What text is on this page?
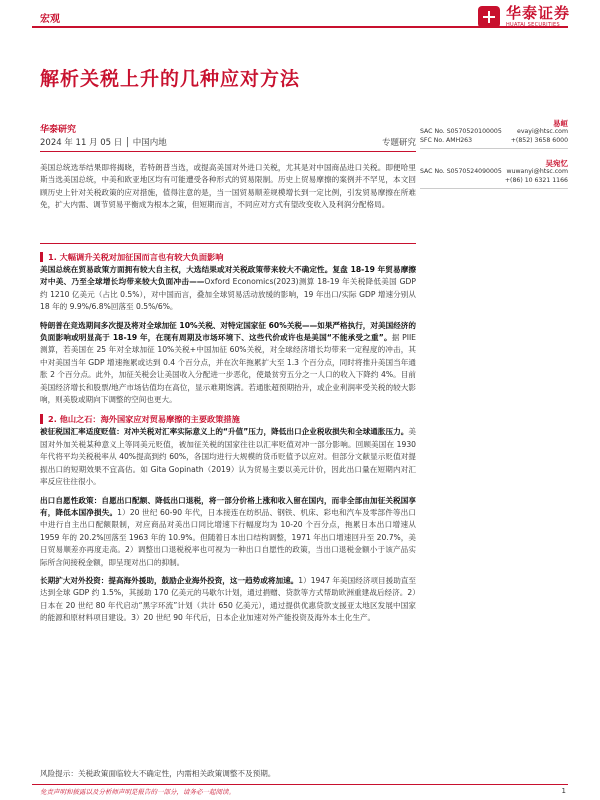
宏观	华泰证券
HUATAI SECURITIES
解析关税上升的几种应对方法
华泰研究
2024 年 11 月 05 日 │ 中国内地	专题研究
易峘
SAC No. S0570520100005 evayi@htsc.com
SFC No. AMH263	+(852) 3658 6000
吴宛忆
SAC No. S0570524090005 wuwanyi@htsc.com
+(86) 10 6321 1166
美国总统选举结果即将揭晓，若特朗普当选，或提高美国对外进口关税，尤其是对中国商品进口关税。即便哈里斯当选美国总统，中美和欧亚地区均有可能遭受各种形式的贸易限制。历史上贸易摩擦的案例并不罕见，本文回顾历史上针对关税政策的应对措施，值得注意的是，当一国贸易顺差规模增长到一定比例，引发贸易摩擦在所难免，扩大内需、调节贸易平衡成为根本之策，但短期而言，不同应对方式有望改变收入及利润分配格局。
1. 大幅调升关税对加征国而言也有较大负面影响
美国总统在贸易政策方面拥有较大自主权，大选结果或对关税政策带来较大不确定性。复盘 18-19 年贸易摩擦对中美、乃至全球增长均带来较大负面冲击——Oxford Economics(2023)测算 18-19 年关税降低美国 GDP 约 1210 亿美元（占比 0.5%），对中国而言，叠加全球贸易活动放缓的影响，19 年出口/实际 GDP 增速分别从 18 年的 9.9%/6.8%回落至 0.5%/6%。
特朗普在竞选期间多次提及将对全球加征 10%关税、对特定国家征 60%关税——如果严格执行，对美国经济的负面影响或明显高于 18-19 年，在现有周期及市场环境下、这些代价或许也是美国“不能承受之重”。据 PIIE 测算，若美国在 25 年对全球加征 10%关税+中国加征 60%关税，对全球经济增长均带来一定程度的冲击，其中对美国当年 GDP 增速拖累或达到 0.4 个百分点，并在次年拖累扩大至 1.3 个百分点，同时将推升美国当年通胀 2 个百分点。此外，加征关税会让美国收入分配进一步恶化，使最贫穷五分之一人口的收入下降约 4%。目前美国经济增长和股票/地产市场估值均在高位，显示难期饱满。若通胀超预期抬升，或企业利润率受关税的较大影响，则美股或期向下调整的空间也更大。
2. 他山之石：海外国家应对贸易摩擦的主要政策措施
被征税国汇率适度贬值：对冲关税对汇率实际意义上的“升值”压力，降低出口企业税收损失和全球通胀压力。美国对外加关税某种意义上等同美元贬值，被加征关税的国家往往以汇率贬值对冲一部分影响。回顾美国在 1930 年代将平均关税税率从 40%提高到约 60%，各国均进行大规模的货币贬值予以应对。但部分文献显示贬值对提振出口的短期效果不宜高估。如 Gita Gopinath（2019）认为贸易主要以美元计价，因此出口量在短期内对汇率反应往往很小。
出口自愿性政策：自愿出口配额、降低出口退税，将一部分价格上涨和收入留在国内，而非全部由加征关税国享有，降低本国净损失。1）20 世纪 60-90 年代，日本接连在纺织品、钢铁、机床、彩电和汽车及零部件等出口中进行自主出口配额限制，对应商品对美出口同比增速下行幅度均为 10-20 个百分点，拖累日本出口增速从 1959 年的 20.2%回落至 1963 年的 10.9%。但随着日本出口结构调整，1971 年出口增速回升至 20.7%，美日贸易顺差亦再度走高。2）调整出口退税税率也可视为一种出口自愿性的政策，当出口退税金额小于该产品实际所含间接税金额，即呈现对出口的抑制。
长期扩大对外投资：提高海外援助，鼓励企业海外投资，这一趋势或将加速。1）1947 年美国经济项目援助直至达到全球 GDP 约 1.5%，其援助 170 亿美元的马歇尔计划，通过捐赠、贷款等方式帮助欧洲重建战后经济。2）日本在 20 世纪 80 年代启动“黑字环流”计划（共计 650 亿美元），通过提供优惠贷款支援亚太地区发展中国家的能源和原材料项目建设。3）20 世纪 90 年代后，日本企业加速对外产能投资及海外本土化生产。
风险提示：关税政策面临较大不确定性，内需相关政策调整不及预期。
免责声明和披露以及分析师声明是报告的一部分，请务必一起阅读。	1
